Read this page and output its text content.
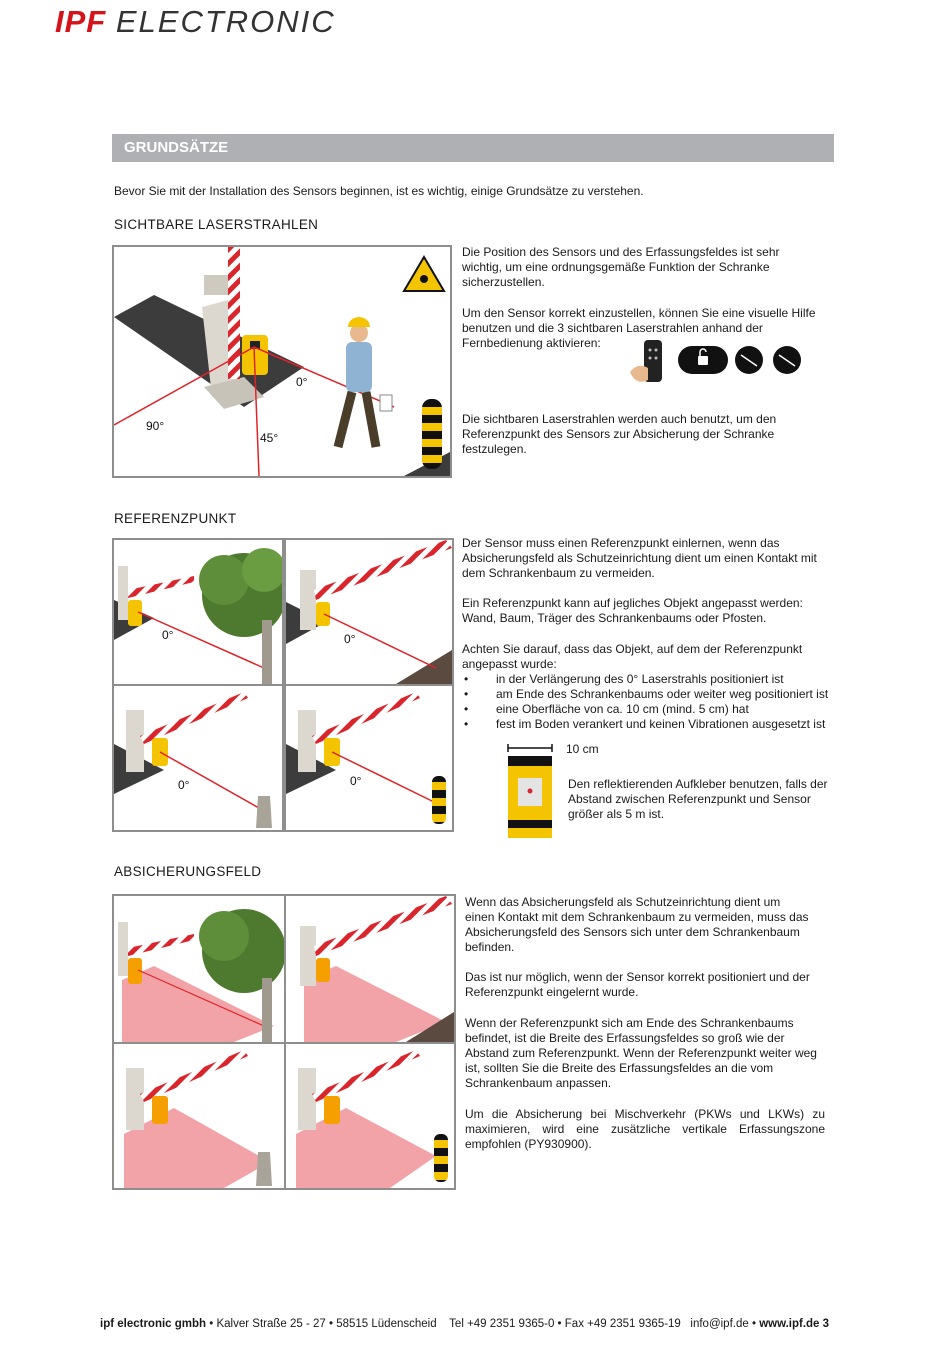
IPF ELECTRONIC
GRUNDSÄTZE
Bevor Sie mit der Installation des Sensors beginnen, ist es wichtig, einige Grundsätze zu verstehen.
SICHTBARE LASERSTRAHLEN
0°
90°
45°
Die Position des Sensors und des Erfassungsfeldes ist sehr wichtig, um eine ordnungsgemäße Funktion der Schranke sicherzustellen.
Um den Sensor korrekt einzustellen, können Sie eine visuelle Hilfe benutzen und die 3 sichtbaren Laserstrahlen anhand der Fernbedienung aktivieren:
Die sichtbaren Laserstrahlen werden auch benutzt, um den Referenzpunkt des Sensors zur Absicherung der Schranke festzulegen.
REFERENZPUNKT
0°	0°
0°	0°
Der Sensor muss einen Referenzpunkt einlernen, wenn das Absicherungsfeld als Schutzeinrichtung dient um einen Kontakt mit dem Schrankenbaum zu vermeiden.
Ein Referenzpunkt kann auf jegliches Objekt angepasst werden: Wand, Baum, Träger des Schrankenbaums oder Pfosten.
Achten Sie darauf, dass das Objekt, auf dem der Referenzpunkt angepasst wurde:
• in der Verlängerung des 0° Laserstrahls positioniert ist
• am Ende des Schrankenbaums oder weiter weg positioniert ist
• eine Oberfläche von ca. 10 cm (mind. 5 cm) hat
• fest im Boden verankert und keinen Vibrationen ausgesetzt ist
10 cm
Den reflektierenden Aufkleber benutzen, falls der Abstand zwischen Referenzpunkt und Sensor größer als 5 m ist.
ABSICHERUNGSFELD
Wenn das Absicherungsfeld als Schutzeinrichtung dient um einen Kontakt mit dem Schrankenbaum zu vermeiden, muss das Absicherungsfeld des Sensors sich unter dem Schrankenbaum befinden.
Das ist nur möglich, wenn der Sensor korrekt positioniert und der Referenzpunkt eingelernt wurde.
Wenn der Referenzpunkt sich am Ende des Schrankenbaums befindet, ist die Breite des Erfassungsfeldes so groß wie der Abstand zum Referenzpunkt. Wenn der Referenzpunkt weiter weg ist, sollten Sie die Breite des Erfassungsfeldes an die vom Schrankenbaum anpassen.
Um die Absicherung bei Mischverkehr (PKWs und LKWs) zu maximieren, wird eine zusätzliche vertikale Erfassungszone empfohlen (PY930900).
ipf electronic gmbh • Kalver Straße 25 - 27 • 58515 Lüdenscheid    Tel +49 2351 9365-0 • Fax +49 2351 9365-19   info@ipf.de • www.ipf.de 3
